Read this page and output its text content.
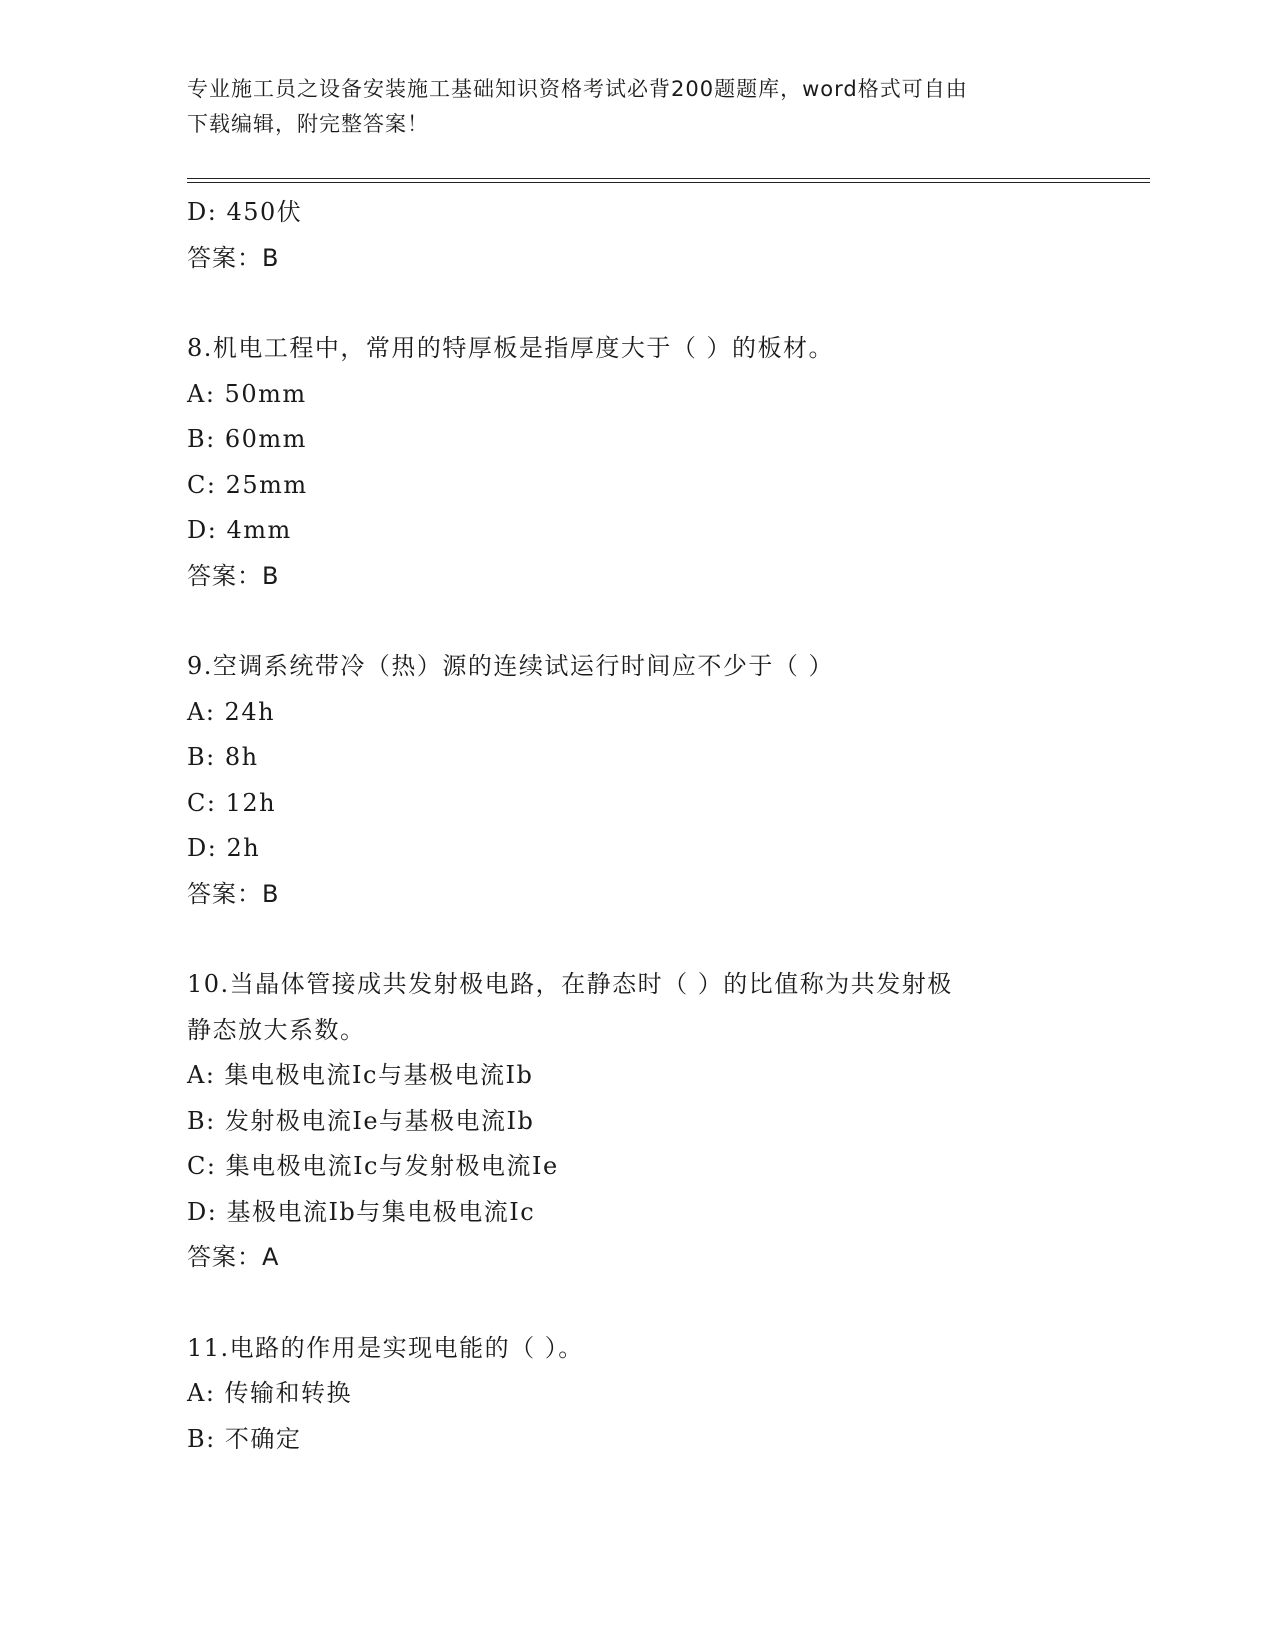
专业施工员之设备安装施工基础知识资格考试必背200题题库，word格式可自由
下载编辑，附完整答案！
D: 450伏
答案：B
8.机电工程中，常用的特厚板是指厚度大于（ ）的板材。
A: 50mm
B: 60mm
C: 25mm
D: 4mm
答案：B
9.空调系统带冷（热）源的连续试运行时间应不少于（ ）
A: 24h
B: 8h
C: 12h
D: 2h
答案：B
10.当晶体管接成共发射极电路，在静态时（ ）的比值称为共发射极
静态放大系数。
A: 集电极电流Ic与基极电流Ib
B: 发射极电流Ie与基极电流Ib
C: 集电极电流Ic与发射极电流Ie
D: 基极电流Ib与集电极电流Ic
答案：A
11.电路的作用是实现电能的（ ）。
A: 传输和转换
B: 不确定
